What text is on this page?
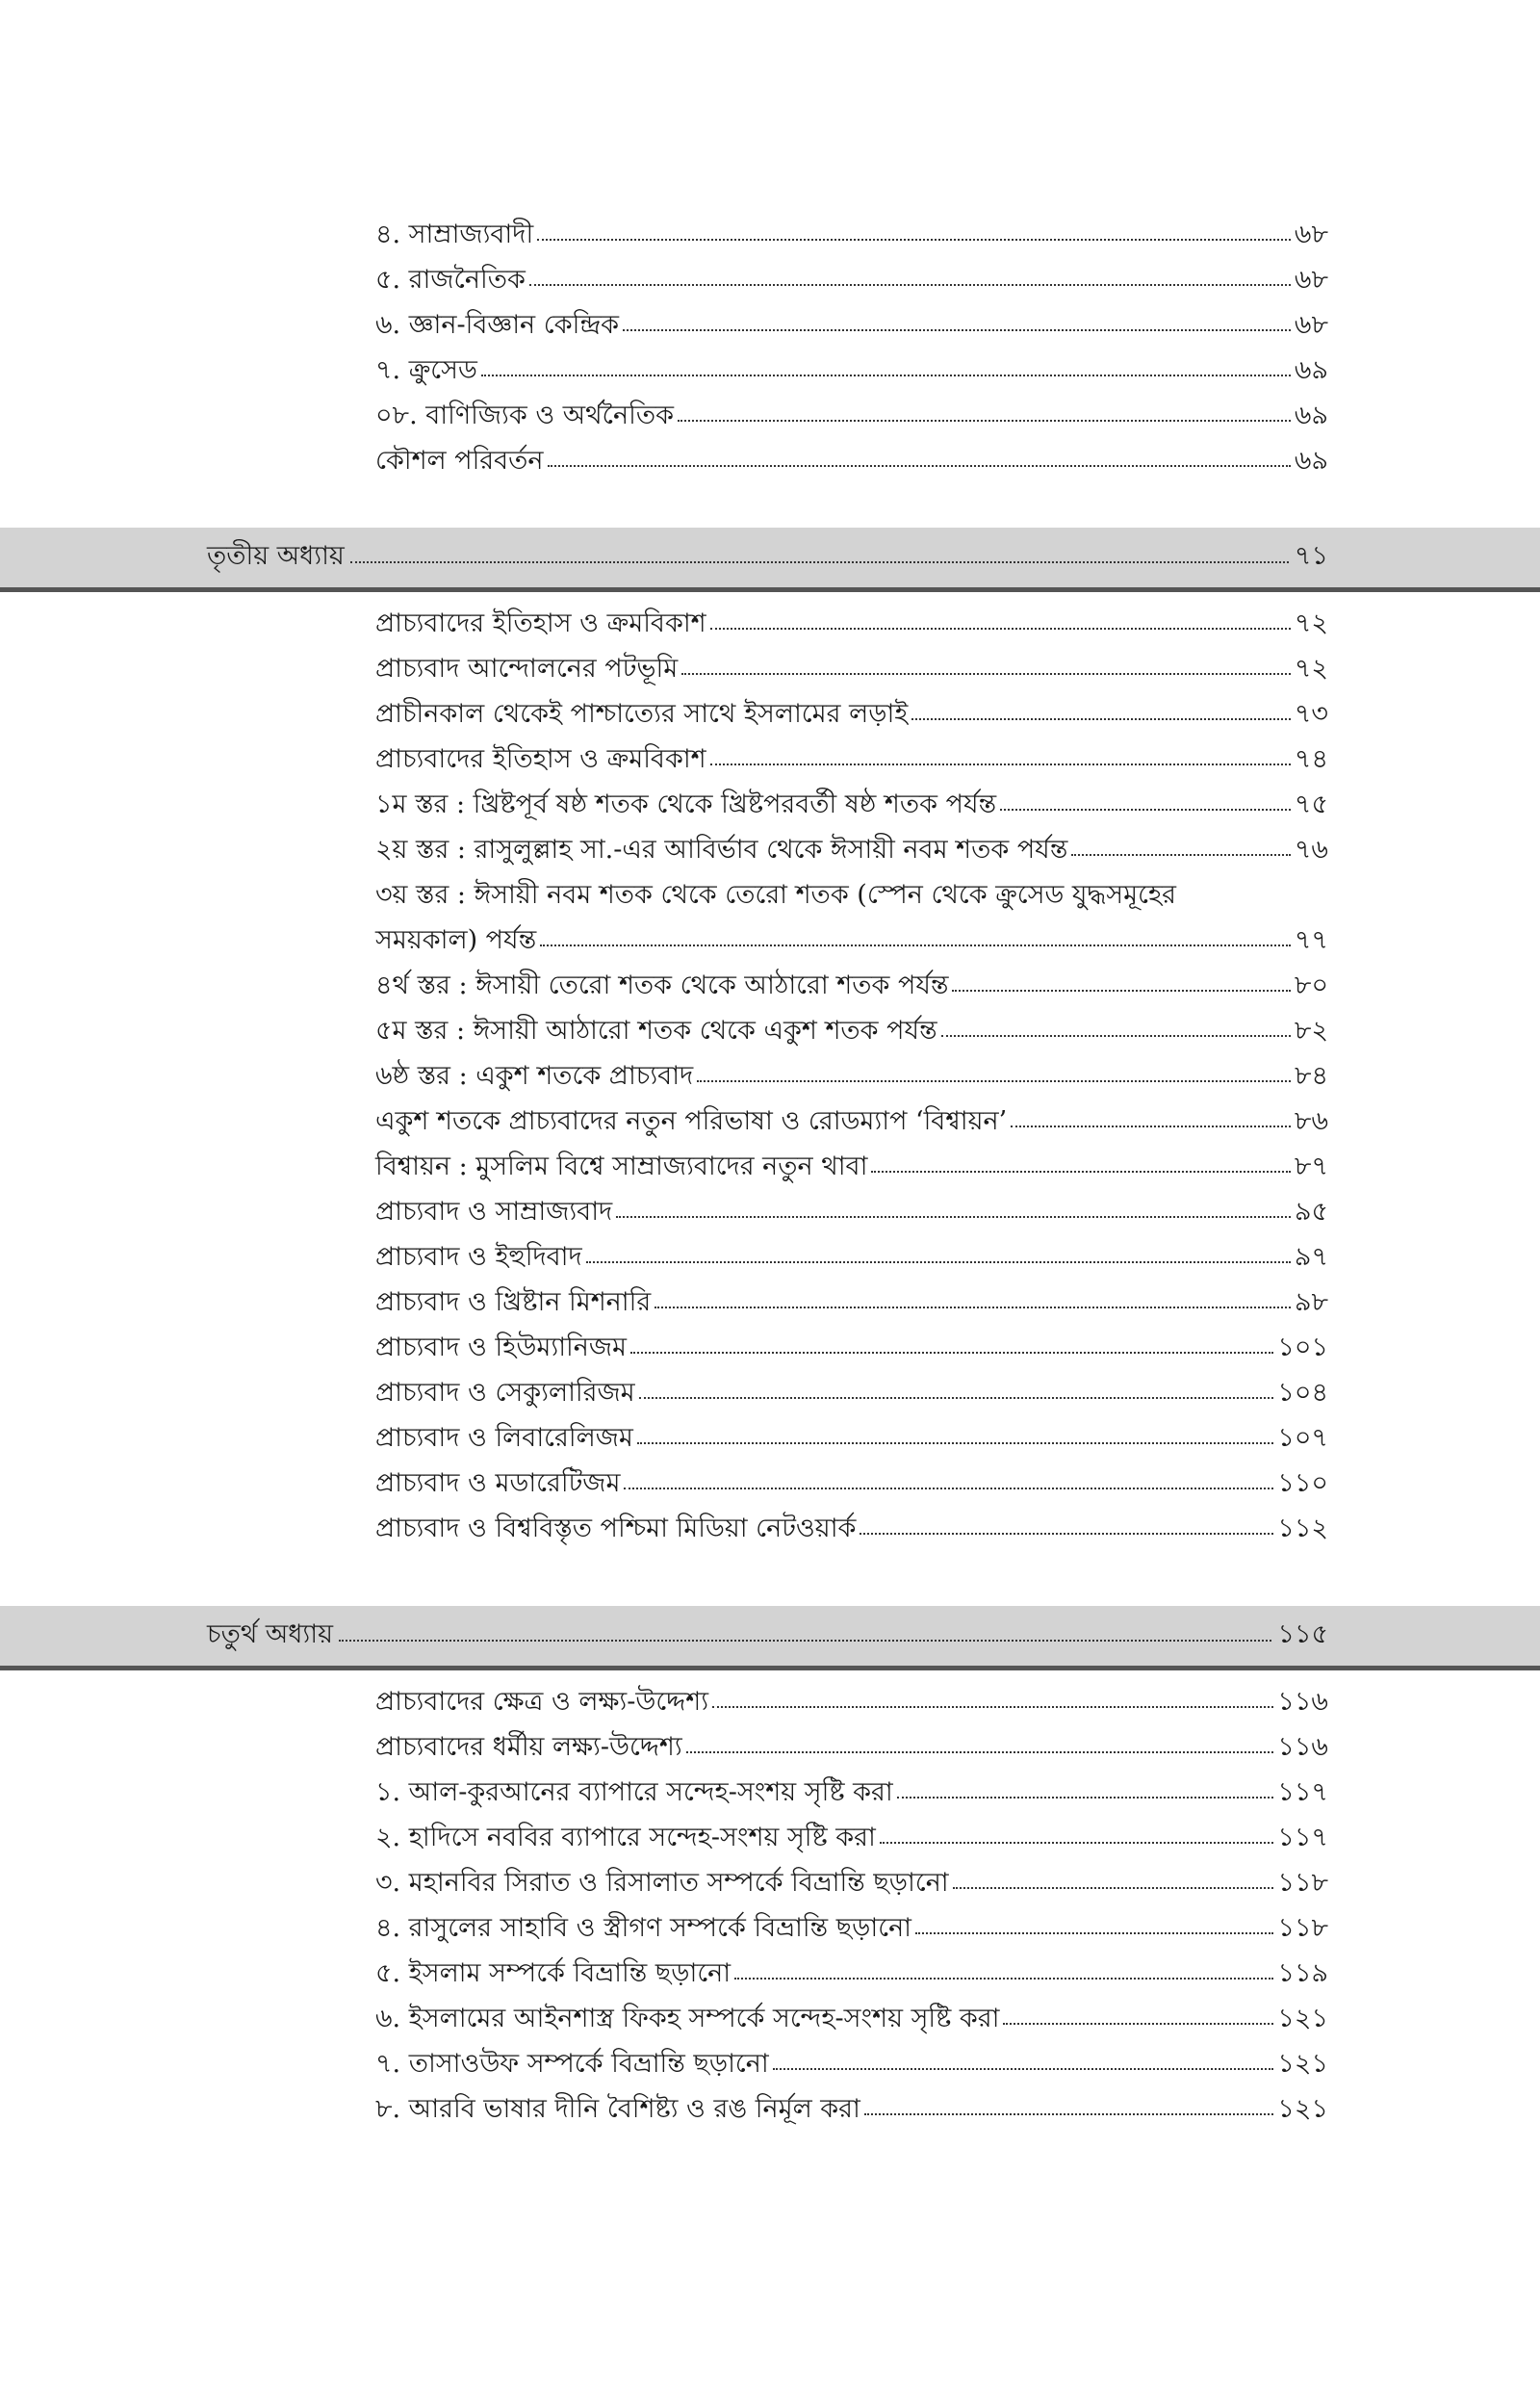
৪. সাম্রাজ্যবাদী	৬৮
৫. রাজনৈতিক	৬৮
৬. জ্ঞান-বিজ্ঞান কেন্দ্রিক	৬৮
৭. ক্রুসেড	৬৯
০৮. বাণিজ্যিক ও অর্থনৈতিক	৬৯
কৌশল পরিবর্তন	৬৯
তৃতীয় অধ্যায়	৭১
প্রাচ্যবাদের ইতিহাস ও ক্রমবিকাশ	৭২
প্রাচ্যবাদ আন্দোলনের পটভূমি	৭২
প্রাচীনকাল থেকেই পাশ্চাত্যের সাথে ইসলামের লড়াই	৭৩
প্রাচ্যবাদের ইতিহাস ও ক্রমবিকাশ	৭৪
১ম স্তর : খ্রিষ্টপূর্ব ষষ্ঠ শতক থেকে খ্রিষ্টপরবর্তী ষষ্ঠ শতক পর্যন্ত	৭৫
২য় স্তর : রাসুলুল্লাহ সা.-এর আবির্ভাব থেকে ঈসায়ী নবম শতক পর্যন্ত	৭৬
৩য় স্তর : ঈসায়ী নবম শতক থেকে তেরো শতক (স্পেন থেকে ক্রুসেড যুদ্ধসমূহের
সময়কাল) পর্যন্ত	৭৭
৪র্থ স্তর : ঈসায়ী তেরো শতক থেকে আঠারো শতক পর্যন্ত	৮০
৫ম স্তর : ঈসায়ী আঠারো শতক থেকে একুশ শতক পর্যন্ত	৮২
৬ষ্ঠ স্তর : একুশ শতকে প্রাচ্যবাদ	৮৪
একুশ শতকে প্রাচ্যবাদের নতুন পরিভাষা ও রোডম্যাপ ‘বিশ্বায়ন’	৮৬
বিশ্বায়ন : মুসলিম বিশ্বে সাম্রাজ্যবাদের নতুন থাবা	৮৭
প্রাচ্যবাদ ও সাম্রাজ্যবাদ	৯৫
প্রাচ্যবাদ ও ইহুদিবাদ	৯৭
প্রাচ্যবাদ ও খ্রিষ্টান মিশনারি	৯৮
প্রাচ্যবাদ ও হিউম্যানিজম	১০১
প্রাচ্যবাদ ও সেক্যুলারিজম	১০৪
প্রাচ্যবাদ ও লিবারেলিজম	১০৭
প্রাচ্যবাদ ও মডারেটিজম	১১০
প্রাচ্যবাদ ও বিশ্ববিস্তৃত পশ্চিমা মিডিয়া নেটওয়ার্ক	১১২
চতুর্থ অধ্যায়	১১৫
প্রাচ্যবাদের ক্ষেত্র ও লক্ষ্য-উদ্দেশ্য	১১৬
প্রাচ্যবাদের ধর্মীয় লক্ষ্য-উদ্দেশ্য	১১৬
১. আল-কুরআনের ব্যাপারে সন্দেহ-সংশয় সৃষ্টি করা	১১৭
২. হাদিসে নববির ব্যাপারে সন্দেহ-সংশয় সৃষ্টি করা	১১৭
৩. মহানবির সিরাত ও রিসালাত সম্পর্কে বিভ্রান্তি ছড়ানো	১১৮
৪. রাসুলের সাহাবি ও স্ত্রীগণ সম্পর্কে বিভ্রান্তি ছড়ানো	১১৮
৫. ইসলাম সম্পর্কে বিভ্রান্তি ছড়ানো	১১৯
৬. ইসলামের আইনশাস্ত্র ফিকহ সম্পর্কে সন্দেহ-সংশয় সৃষ্টি করা	১২১
৭. তাসাওউফ সম্পর্কে বিভ্রান্তি ছড়ানো	১২১
৮. আরবি ভাষার দীনি বৈশিষ্ট্য ও রঙ নির্মূল করা	১২১
